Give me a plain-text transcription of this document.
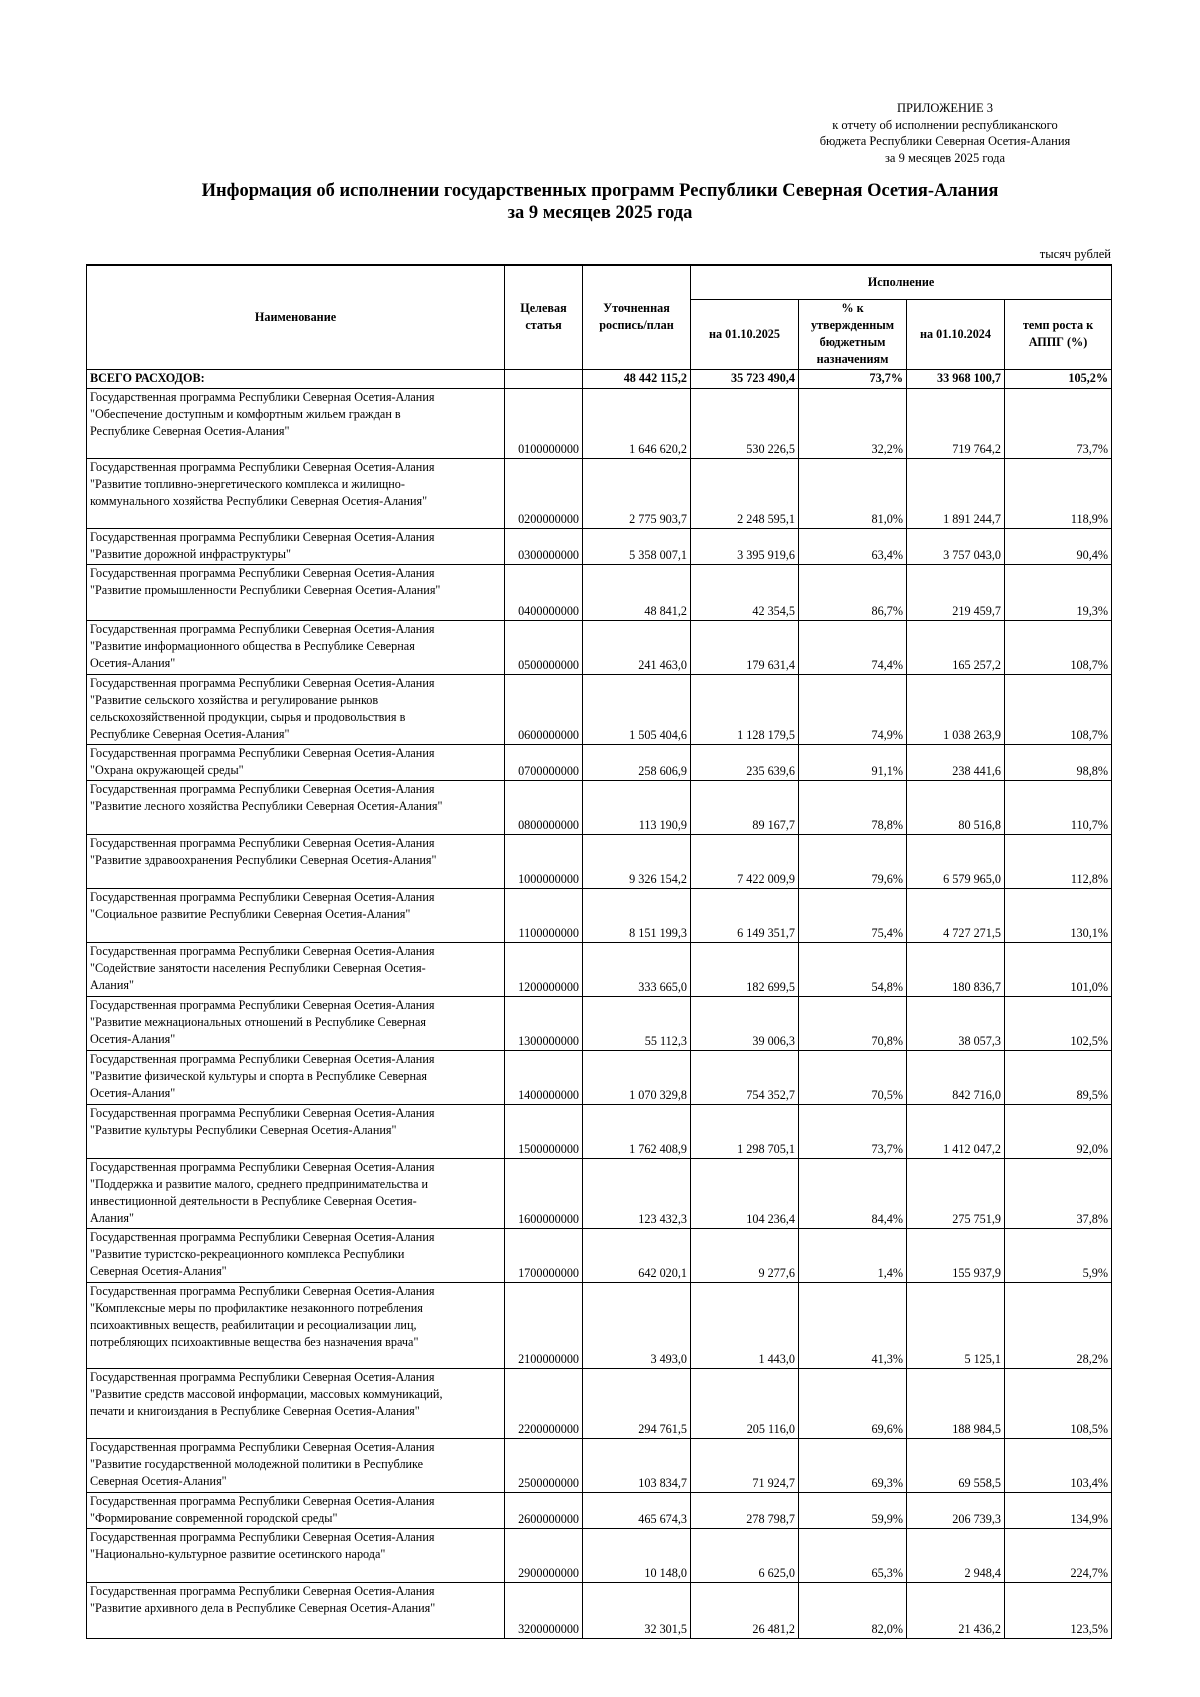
ПРИЛОЖЕНИЕ 3
к отчету об исполнении республиканского
бюджета Республики Северная Осетия-Алания
за 9 месяцев 2025 года
Информация об исполнении государственных программ Республики Северная Осетия-Алания
за 9 месяцев 2025 года
тысяч рублей
Наименование	Целевая статья	Уточненная роспись/план	Исполнение			
			на 01.10.2025	% к утвержденным бюджетным назначениям	на 01.10.2024	темп роста к АППГ (%)
ВСЕГО РАСХОДОВ:		48 442 115,2	35 723 490,4	73,7%	33 968 100,7	105,2%

Государственная программа Республики Северная Осетия-Алания
"Обеспечение доступным и комфортным жильем граждан в
Республике Северная Осетия-Алания"	0100000000	1 646 620,2	530 226,5	32,2%	719 764,2	73,7%

Государственная программа Республики Северная Осетия-Алания
"Развитие топливно-энергетического комплекса и жилищно-
коммунального хозяйства Республики Северная Осетия-Алания"	0200000000	2 775 903,7	2 248 595,1	81,0%	1 891 244,7	118,9%

Государственная программа Республики Северная Осетия-Алания
"Развитие дорожной инфраструктуры"	0300000000	5 358 007,1	3 395 919,6	63,4%	3 757 043,0	90,4%

Государственная программа Республики Северная Осетия-Алания
"Развитие промышленности Республики Северная Осетия-Алания"	0400000000	48 841,2	42 354,5	86,7%	219 459,7	19,3%

Государственная программа Республики Северная Осетия-Алания
"Развитие информационного общества в Республике Северная
Осетия-Алания"	0500000000	241 463,0	179 631,4	74,4%	165 257,2	108,7%

Государственная программа Республики Северная Осетия-Алания
"Развитие сельского хозяйства и регулирование рынков
сельскохозяйственной продукции, сырья и продовольствия в
Республике Северная Осетия-Алания"	0600000000	1 505 404,6	1 128 179,5	74,9%	1 038 263,9	108,7%

Государственная программа Республики Северная Осетия-Алания
"Охрана окружающей среды"	0700000000	258 606,9	235 639,6	91,1%	238 441,6	98,8%

Государственная программа Республики Северная Осетия-Алания
"Развитие лесного хозяйства Республики Северная Осетия-Алания"	0800000000	113 190,9	89 167,7	78,8%	80 516,8	110,7%

Государственная программа Республики Северная Осетия-Алания
"Развитие здравоохранения Республики Северная Осетия-Алания"	1000000000	9 326 154,2	7 422 009,9	79,6%	6 579 965,0	112,8%

Государственная программа Республики Северная Осетия-Алания
"Социальное развитие Республики Северная Осетия-Алания"	1100000000	8 151 199,3	6 149 351,7	75,4%	4 727 271,5	130,1%

Государственная программа Республики Северная Осетия-Алания
"Содействие занятости населения Республики Северная Осетия-
Алания"	1200000000	333 665,0	182 699,5	54,8%	180 836,7	101,0%

Государственная программа Республики Северная Осетия-Алания
"Развитие межнациональных отношений в Республике Северная
Осетия-Алания"	1300000000	55 112,3	39 006,3	70,8%	38 057,3	102,5%

Государственная программа Республики Северная Осетия-Алания
"Развитие физической культуры и спорта в Республике Северная
Осетия-Алания"	1400000000	1 070 329,8	754 352,7	70,5%	842 716,0	89,5%

Государственная программа Республики Северная Осетия-Алания
"Развитие культуры Республики Северная Осетия-Алания"	1500000000	1 762 408,9	1 298 705,1	73,7%	1 412 047,2	92,0%

Государственная программа Республики Северная Осетия-Алания
"Поддержка и развитие малого, среднего предпринимательства и
инвестиционной деятельности в Республике Северная Осетия-
Алания"	1600000000	123 432,3	104 236,4	84,4%	275 751,9	37,8%

Государственная программа Республики Северная Осетия-Алания
"Развитие туристско-рекреационного комплекса Республики
Северная Осетия-Алания"	1700000000	642 020,1	9 277,6	1,4%	155 937,9	5,9%

Государственная программа Республики Северная Осетия-Алания
"Комплексные меры по профилактике незаконного потребления
психоактивных веществ, реабилитации и ресоциализации лиц,
потребляющих психоактивные вещества без назначения врача"	2100000000	3 493,0	1 443,0	41,3%	5 125,1	28,2%

Государственная программа Республики Северная Осетия-Алания
"Развитие средств массовой информации, массовых коммуникаций,
печати и книгоиздания в Республике Северная Осетия-Алания"	2200000000	294 761,5	205 116,0	69,6%	188 984,5	108,5%

Государственная программа Республики Северная Осетия-Алания
"Развитие государственной молодежной политики в Республике
Северная Осетия-Алания"	2500000000	103 834,7	71 924,7	69,3%	69 558,5	103,4%

Государственная программа Республики Северная Осетия-Алания
"Формирование современной городской среды"	2600000000	465 674,3	278 798,7	59,9%	206 739,3	134,9%

Государственная программа Республики Северная Осетия-Алания
"Национально-культурное развитие осетинского народа"	2900000000	10 148,0	6 625,0	65,3%	2 948,4	224,7%

Государственная программа Республики Северная Осетия-Алания
"Развитие архивного дела в Республике Северная Осетия-Алания"	3200000000	32 301,5	26 481,2	82,0%	21 436,2	123,5%
